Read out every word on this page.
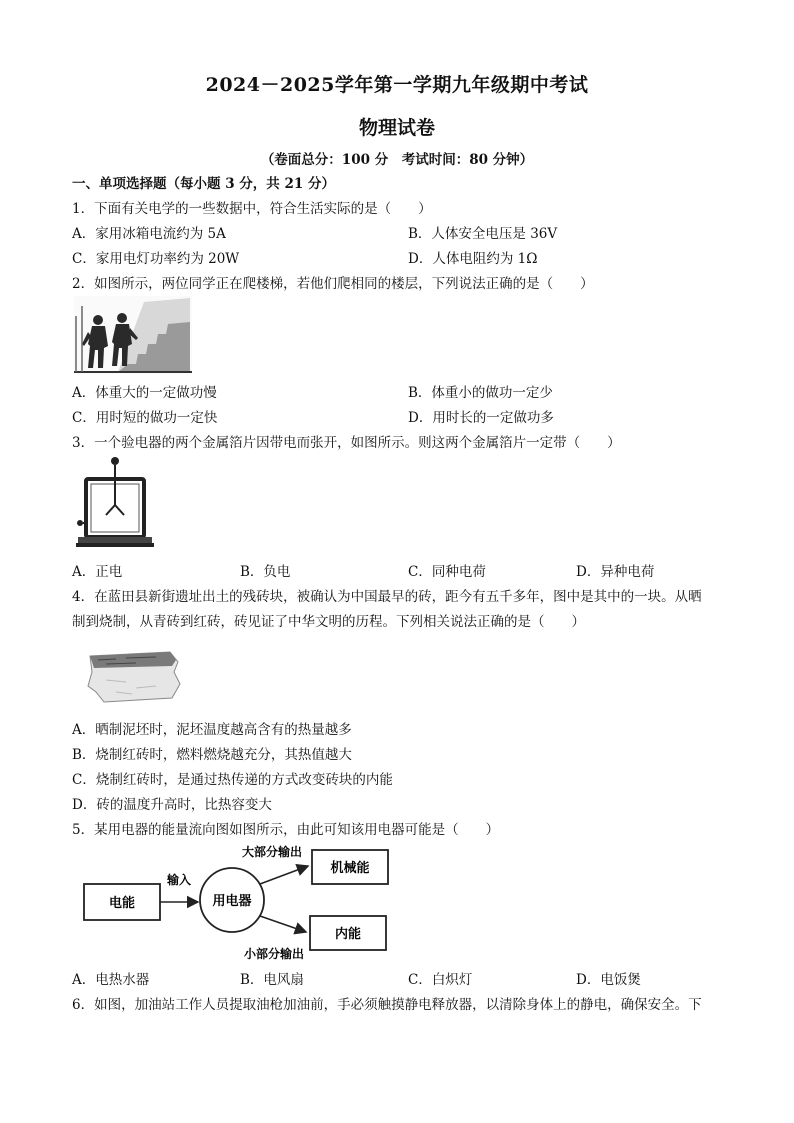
2024－2025学年第一学期九年级期中考试
物理试卷
（卷面总分：100 分　考试时间：80 分钟）
一、单项选择题（每小题 3 分，共 21 分）
1．下面有关电学的一些数据中，符合生活实际的是（　　）
A．家用冰箱电流约为 5A	B．人体安全电压是 36V
C．家用电灯功率约为 20W	D．人体电阻约为 1Ω
2．如图所示，两位同学正在爬楼梯，若他们爬相同的楼层，下列说法正确的是（　　）
A．体重大的一定做功慢	B．体重小的做功一定少
C．用时短的做功一定快	D．用时长的一定做功多
3．一个验电器的两个金属箔片因带电而张开，如图所示。则这两个金属箔片一定带（　　）
A．正电	B．负电	C．同种电荷	D．异种电荷
4．在蓝田县新街遗址出土的残砖块，被确认为中国最早的砖，距今有五千多年，图中是其中的一块。从晒
制到烧制，从青砖到红砖，砖见证了中华文明的历程。下列相关说法正确的是（　　）
A．晒制泥坯时，泥坯温度越高含有的热量越多
B．烧制红砖时，燃料燃烧越充分，其热值越大
C．烧制红砖时，是通过热传递的方式改变砖块的内能
D．砖的温度升高时，比热容变大
5．某用电器的能量流向图如图所示，由此可知该用电器可能是（　　）
电能
输入
用电器
大部分输出
机械能
内能
小部分输出
A．电热水器	B．电风扇	C．白炽灯	D．电饭煲
6．如图，加油站工作人员提取油枪加油前，手必须触摸静电释放器，以清除身体上的静电，确保安全。下
